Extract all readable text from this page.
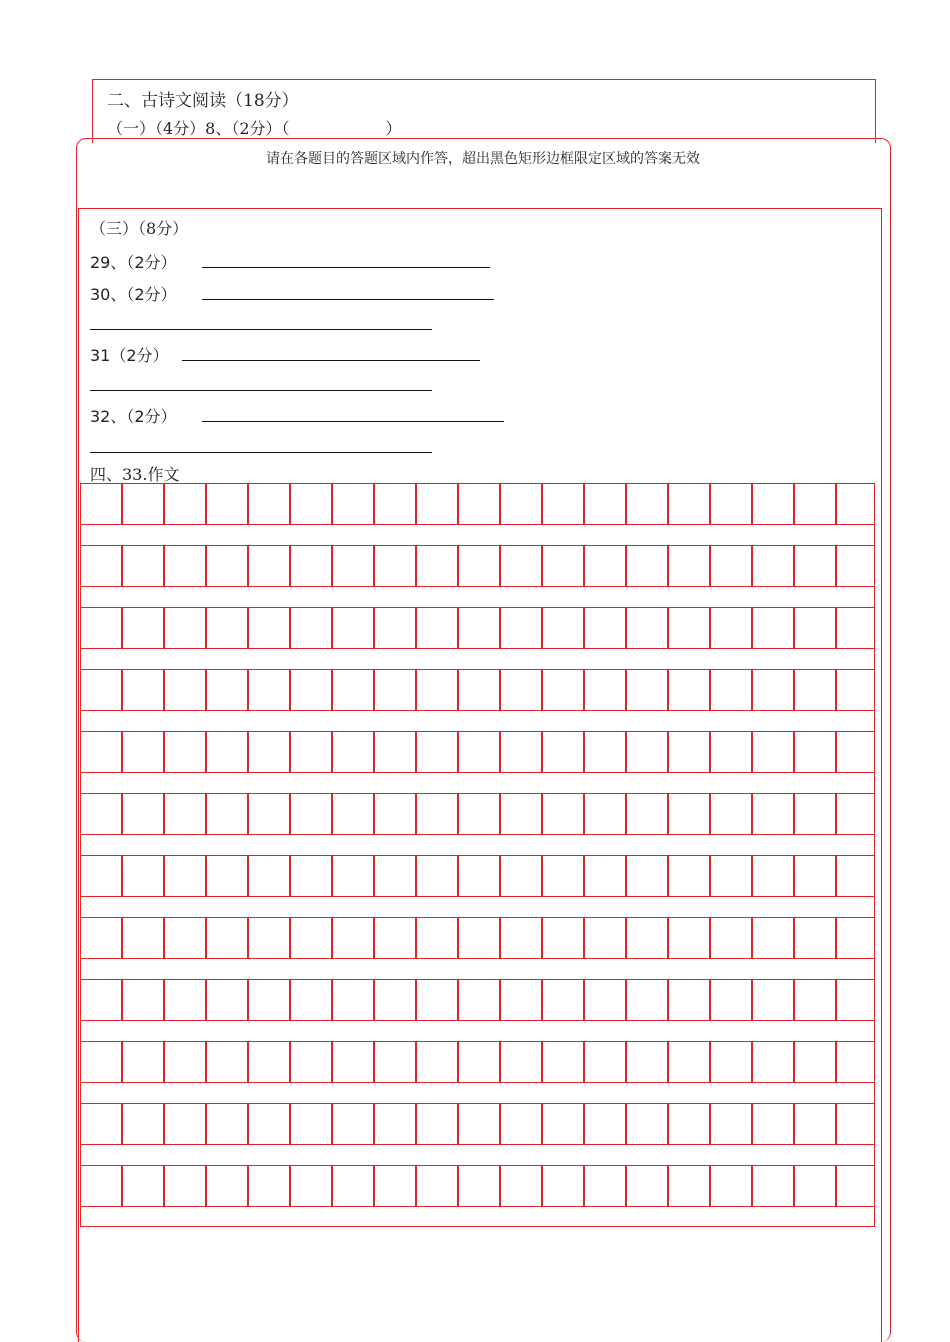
二、古诗文阅读（18分）
（一）（4分）8、（2分）（　　　　　　）
请在各题目的答题区域内作答，超出黑色矩形边框限定区域的答案无效
（三）（8分）
29、（2分）
30、（2分）
31（2分）
32、（2分）
四、33.作文
